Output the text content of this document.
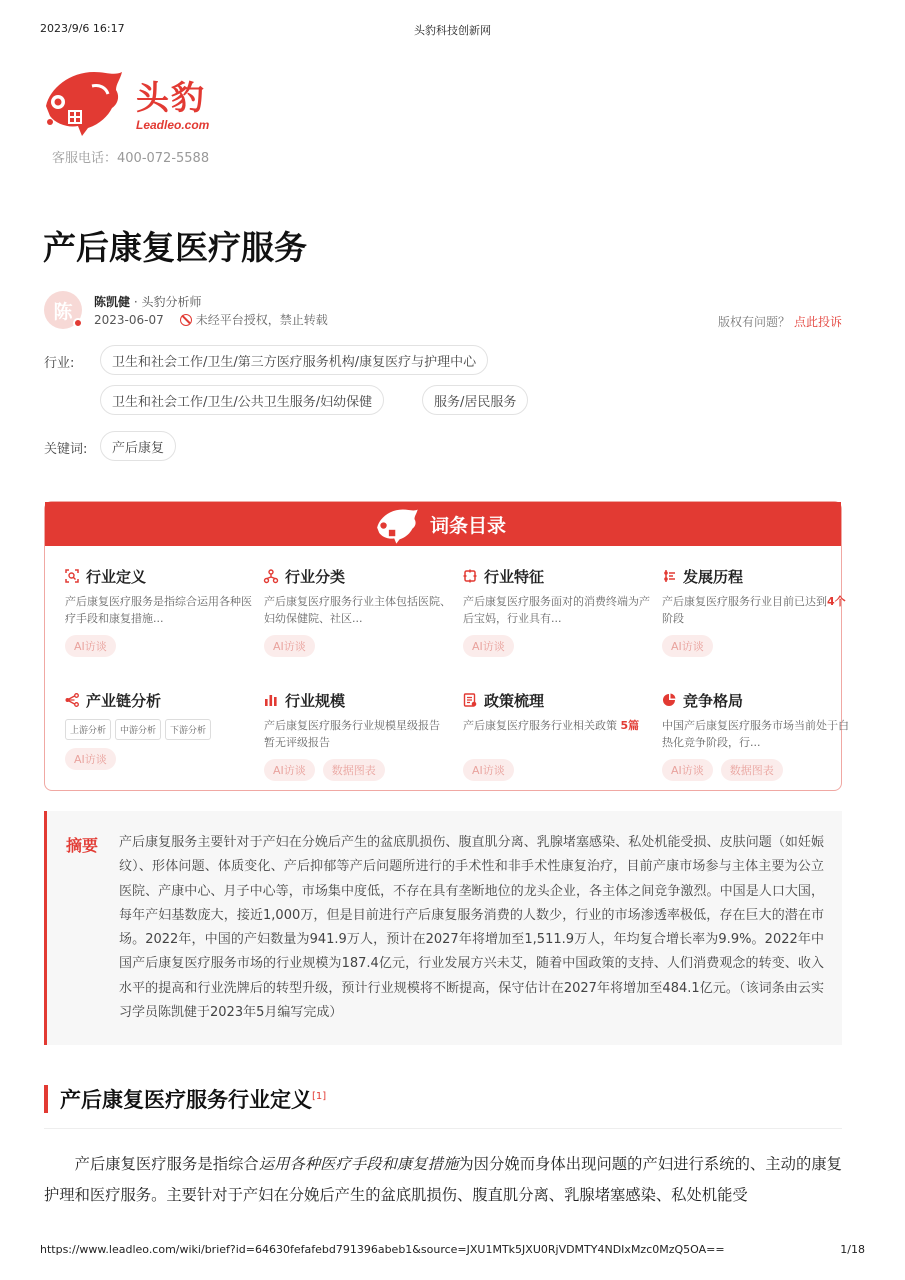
2023/9/6 16:17	头豹科技创新网
头豹
Leadleo.com
客服电话：400-072-5588
产后康复医疗服务
陈 陈凯健 · 头豹分析师
2023-06-07	未经平台授权，禁止转载	版权有问题？ 点此投诉
行业:	卫生和社会工作/卫生/第三方医疗服务机构/康复医疗与护理中心
卫生和社会工作/卫生/公共卫生服务/妇幼保健	服务/居民服务
关键词:	产后康复
词条目录
行业定义
产后康复医疗服务是指综合运用各种医疗手段和康复措施...
AI访谈
行业分类
产后康复医疗服务行业主体包括医院、妇幼保健院、社区...
AI访谈
行业特征
产后康复医疗服务面对的消费终端为产后宝妈，行业具有...
AI访谈
发展历程
产后康复医疗服务行业目前已达到4个阶段
AI访谈
产业链分析
上游分析	中游分析	下游分析
AI访谈
行业规模
产后康复医疗服务行业规模星级报告 暂无评级报告
AI访谈	数据图表
政策梳理
产后康复医疗服务行业相关政策 5篇
AI访谈
竞争格局
中国产后康复医疗服务市场当前处于白热化竞争阶段，行...
AI访谈	数据图表
摘要 产后康复服务主要针对于产妇在分娩后产生的盆底肌损伤、腹直肌分离、乳腺堵塞感染、私处机能受损、皮肤问题（如妊娠纹）、形体问题、体质变化、产后抑郁等产后问题所进行的手术性和非手术性康复治疗，目前产康市场参与主体主要为公立医院、产康中心、月子中心等，市场集中度低，不存在具有垄断地位的龙头企业，各主体之间竞争激烈。中国是人口大国，每年产妇基数庞大，接近1,000万，但是目前进行产后康复服务消费的人数少，行业的市场渗透率极低，存在巨大的潜在市场。2022年，中国的产妇数量为941.9万人，预计在2027年将增加至1,511.9万人，年均复合增长率为9.9%。2022年中国产后康复医疗服务市场的行业规模为187.4亿元，行业发展方兴未艾，随着中国政策的支持、人们消费观念的转变、收入水平的提高和行业洗牌后的转型升级，预计行业规模将不断提高，保守估计在2027年将增加至484.1亿元。（该词条由云实习学员陈凯健于2023年5月编写完成）
产后康复医疗服务行业定义[1]

产后康复医疗服务是指综合运用各种医疗手段和康复措施为因分娩而身体出现问题的产妇进行系统的、主动的康复护理和医疗服务。主要针对于产妇在分娩后产生的盆底肌损伤、腹直肌分离、乳腺堵塞感染、私处机能受

https://www.leadleo.com/wiki/brief?id=64630fefafebd791396abeb1&source=JXU1MTk5JXU0RjVDMTY4NDIxMzc0MzQ5OA==	1/18
